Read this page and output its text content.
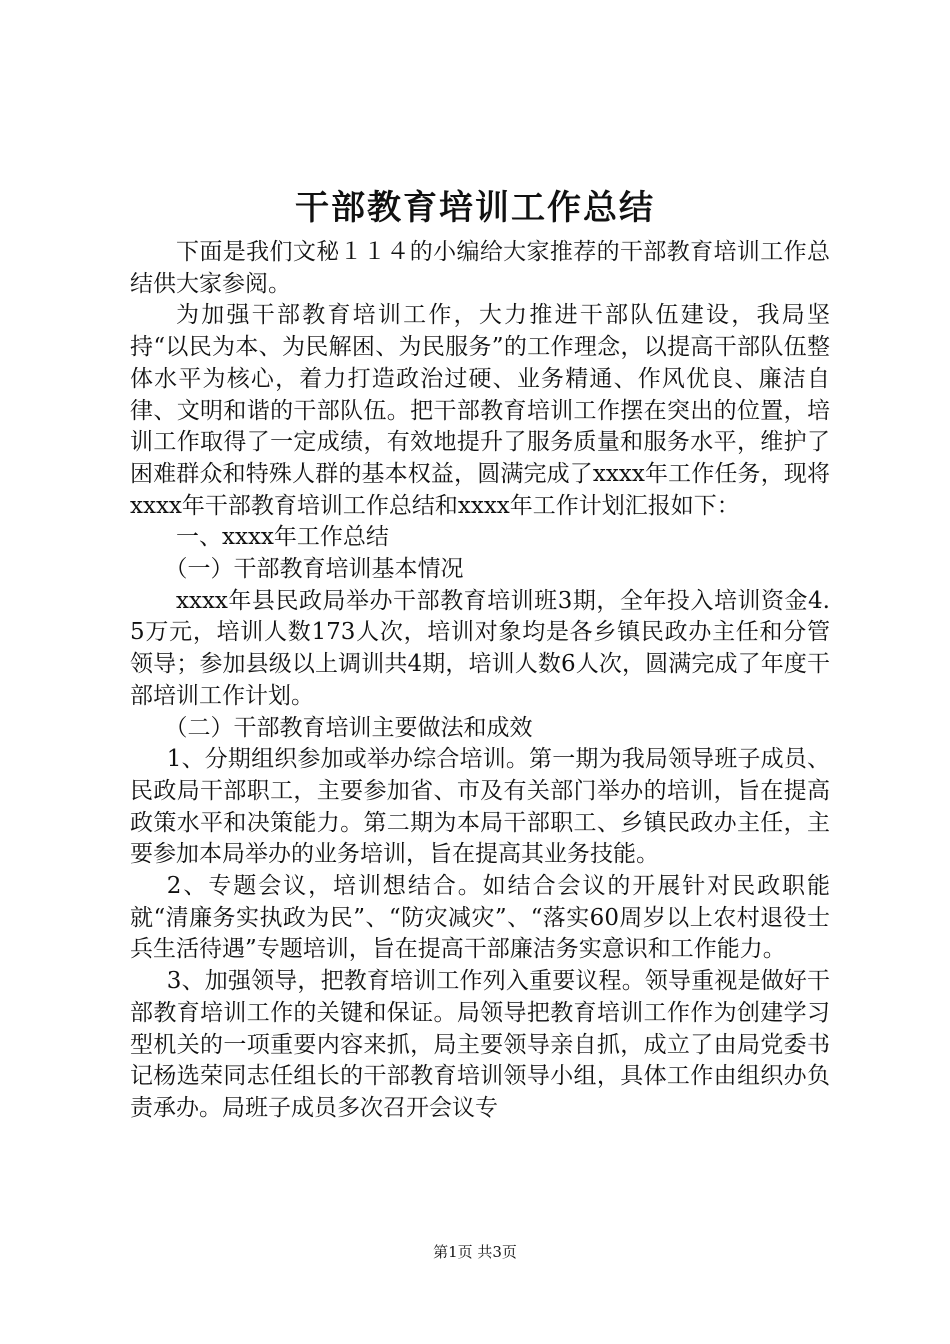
干部教育培训工作总结

下面是我们文秘１１４的小编给大家推荐的干部教育培训工作总结供大家参阅。

为加强干部教育培训工作，大力推进干部队伍建设，我局坚持“以民为本、为民解困、为民服务”的工作理念，以提高干部队伍整体水平为核心，着力打造政治过硬、业务精通、作风优良、廉洁自律、文明和谐的干部队伍。把干部教育培训工作摆在突出的位置，培训工作取得了一定成绩，有效地提升了服务质量和服务水平，维护了困难群众和特殊人群的基本权益，圆满完成了xxxx年工作任务，现将xxxx年干部教育培训工作总结和xxxx年工作计划汇报如下：

一、xxxx年工作总结

（一）干部教育培训基本情况

xxxx年县民政局举办干部教育培训班3期，全年投入培训资金4.5万元，培训人数173人次，培训对象均是各乡镇民政办主任和分管领导；参加县级以上调训共4期，培训人数6人次，圆满完成了年度干部培训工作计划。

（二）干部教育培训主要做法和成效

1、分期组织参加或举办综合培训。第一期为我局领导班子成员、民政局干部职工，主要参加省、市及有关部门举办的培训，旨在提高政策水平和决策能力。第二期为本局干部职工、乡镇民政办主任，主要参加本局举办的业务培训，旨在提高其业务技能。

2、专题会议，培训想结合。如结合会议的开展针对民政职能就“清廉务实执政为民”、“防灾减灾”、“落实60周岁以上农村退役士兵生活待遇”专题培训，旨在提高干部廉洁务实意识和工作能力。

3、加强领导，把教育培训工作列入重要议程。领导重视是做好干部教育培训工作的关键和保证。局领导把教育培训工作作为创建学习型机关的一项重要内容来抓，局主要领导亲自抓，成立了由局党委书记杨选荣同志任组长的干部教育培训领导小组，具体工作由组织办负责承办。局班子成员多次召开会议专

第1页 共3页
